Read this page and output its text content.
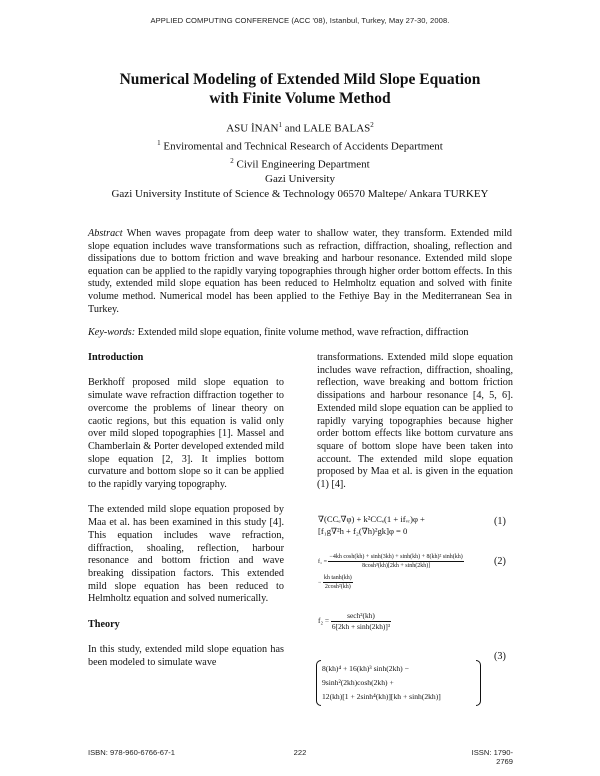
APPLIED COMPUTING CONFERENCE (ACC '08), Istanbul, Turkey, May 27-30, 2008.
Numerical Modeling of Extended Mild Slope Equation
with Finite Volume Method
ASU İNAN$^1$ and LALE BALAS$^2$
$^1$ Enviromental and Technical Research of Accidents Department
$^2$ Civil Engineering Department
Gazi University
Gazi University Institute of Science & Technology 06570 Maltepe/ Ankara TURKEY
Abstract When waves propagate from deep water to shallow water, they transform. Extended mild slope equation includes wave transformations such as refraction, diffraction, shoaling, reflection and dissipations due to bottom friction and wave breaking and harbour resonance. Extended mild slope equation can be applied to the rapidly varying topographies through higher order bottom effects. In this study, extended mild slope equation has been reduced to Helmholtz equation and solved with finite volume method. Numerical model has been applied to the Fethiye Bay in the Mediterranean Sea in Turkey.
Key-words: Extended mild slope equation, finite volume method, wave refraction, diffraction

Introduction

Berkhoff proposed mild slope equation to simulate wave refraction diffraction together to overcome the problems of linear theory on caotic regions, but this equation is valid only over mild sloped topographies [1]. Massel and Chamberlain & Porter developed extended mild slope equation [2, 3]. It implies bottom curvature and bottom slope so it can be applied to the rapidly varying topography.

The extended mild slope equation proposed by Maa et al. has been examined in this study [4]. This equation includes wave refraction, diffraction, shoaling, reflection, harbour resonance and bottom friction and wave breaking dissipation factors. This extended mild slope equation has been reduced to Helmholtz equation and solved numerically.

Theory

In this study, extended mild slope equation has been modeled to simulate wave

transformations. Extended mild slope equation includes wave refraction, diffraction, shoaling, reflection, wave breaking and bottom friction dissipations and harbour resonance [4, 5, 6]. Extended mild slope equation can be applied to rapidly varying topographies because higher order bottom effects like bottom curvature ans square of bottom slope have been taken into account. The extended mild slope equation proposed by Maa et al. is given in the equation (1) [4].

∇(CCₑ∇φ) + k²CCₑ(1 + ifᵥᵣ)φ +
[f₁g∇²h + f₂(∇h)²gk]φ = 0
(1)
$f_1 = \frac{\text{−4kh cosh(kh) + sinh(3kh) + sinh(kh) + 8(kh)² sinh(kh)}}{\text{8cosh³(kh)[2kh + sinh(2kh)]}}$
− $\frac{\text{kh tanh(kh)}}{\text{2cosh²(kh)}}$
(2)
$f_2 = \frac{\text{sech²(kh)}}{\text{6[2kh + sinh(2kh)]³}}$
8(kh)⁴ + 16(kh)³ sinh(2kh) −
9sinh²(2kh)cosh(2kh) +
12(kh)[1 + 2sinh⁴(kh)][kh + sinh(2kh)]
(3)
ISBN: 978-960-6766-67-1	222	ISSN: 1790-2769
